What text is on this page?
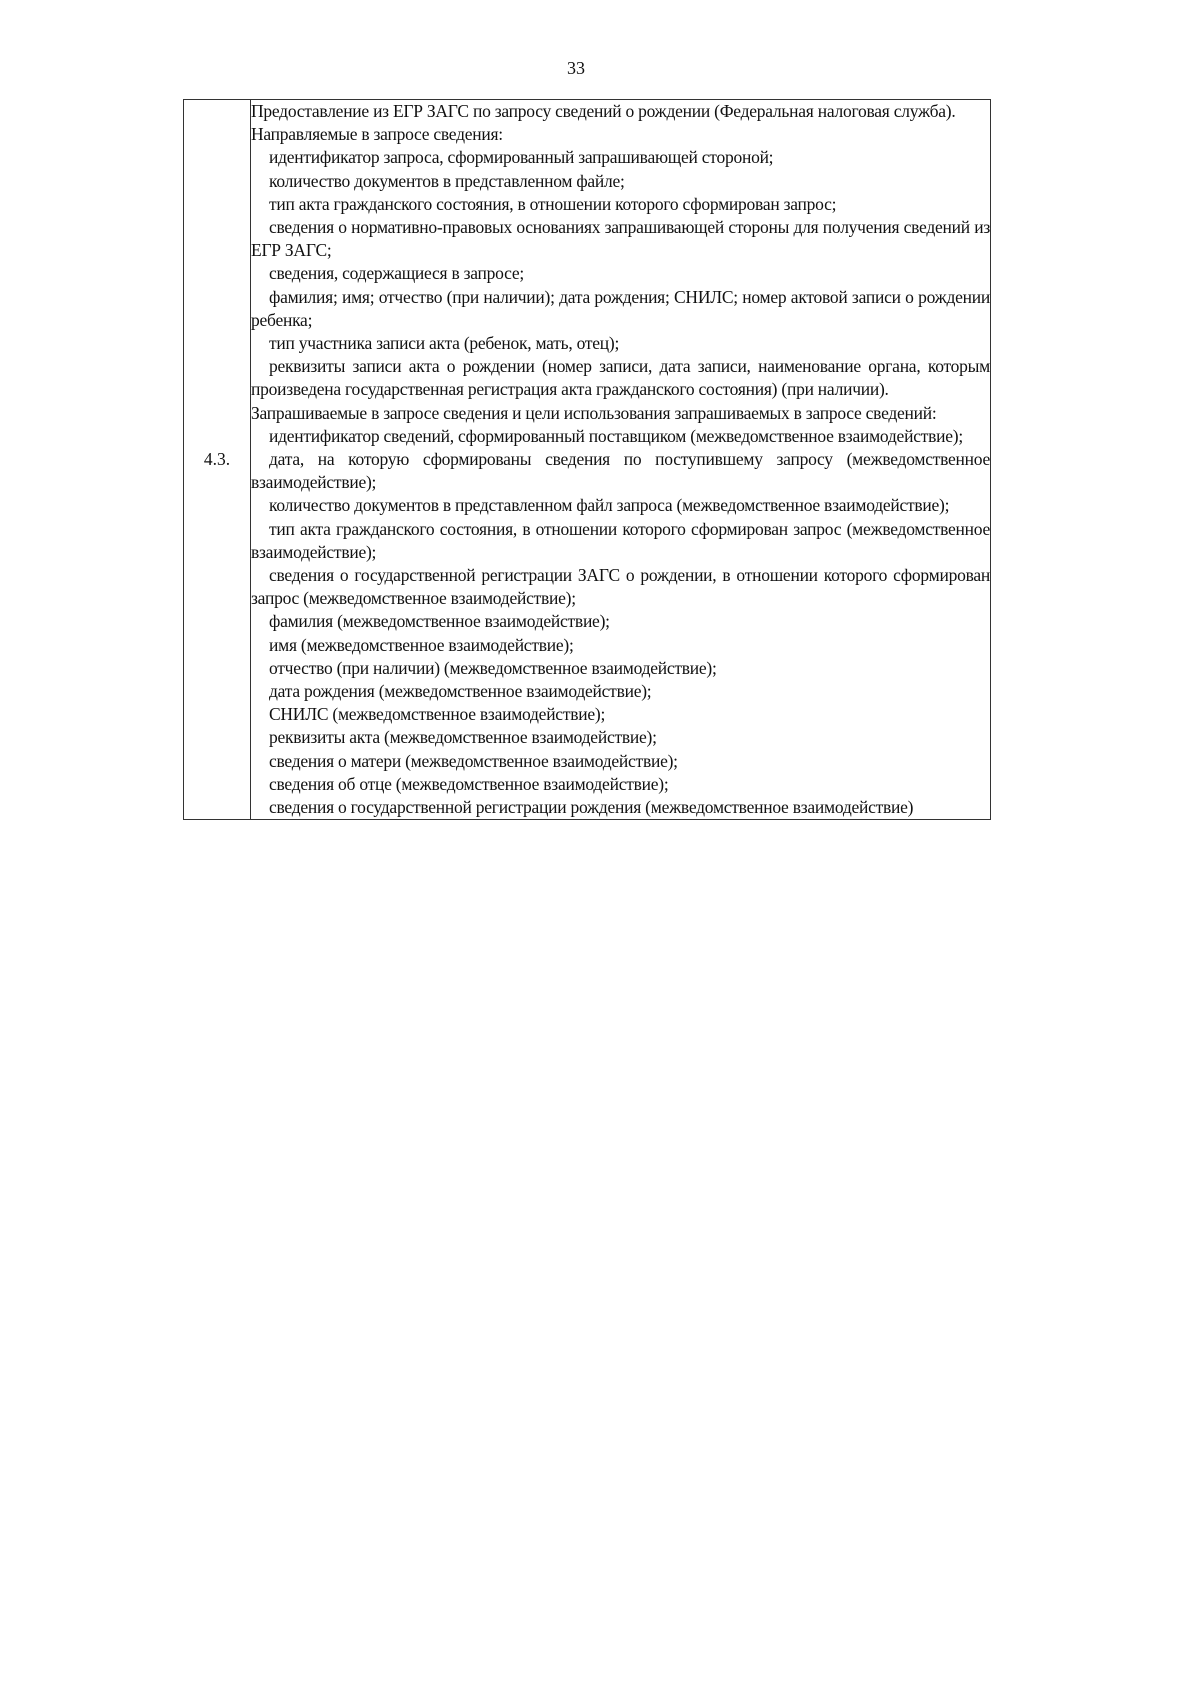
33
4.3.	

Предоставление из ЕГР ЗАГС по запросу сведений о рождении (Федеральная налоговая служба).

Направляемые в запросе сведения:

идентификатор запроса, сформированный запрашивающей стороной;

количество документов в представленном файле;

тип акта гражданского состояния, в отношении которого сформирован запрос;

сведения о нормативно-правовых основаниях запрашивающей стороны для получения сведений из ЕГР ЗАГС;

сведения, содержащиеся в запросе;

фамилия; имя; отчество (при наличии); дата рождения; СНИЛС; номер актовой записи о рождении ребенка;

тип участника записи акта (ребенок, мать, отец);

реквизиты записи акта о рождении (номер записи, дата записи, наименование органа, которым произведена государственная регистрация акта гражданского состояния) (при наличии).

Запрашиваемые в запросе сведения и цели использования запрашиваемых в запросе сведений:

идентификатор сведений, сформированный поставщиком (межведомственное взаимодействие);

дата, на которую сформированы сведения по поступившему запросу (межведомственное взаимодействие);

количество документов в представленном файл запроса (межведомственное взаимодействие);

тип акта гражданского состояния, в отношении которого сформирован запрос (межведомственное взаимодействие);

сведения о государственной регистрации ЗАГС о рождении, в отношении которого сформирован запрос (межведомственное взаимодействие);

фамилия (межведомственное взаимодействие);

имя (межведомственное взаимодействие);

отчество (при наличии) (межведомственное взаимодействие);

дата рождения (межведомственное взаимодействие);

СНИЛС (межведомственное взаимодействие);

реквизиты акта (межведомственное взаимодействие);

сведения о матери (межведомственное взаимодействие);

сведения об отце (межведомственное взаимодействие);

сведения о государственной регистрации рождения (межведомственное взаимодействие)
